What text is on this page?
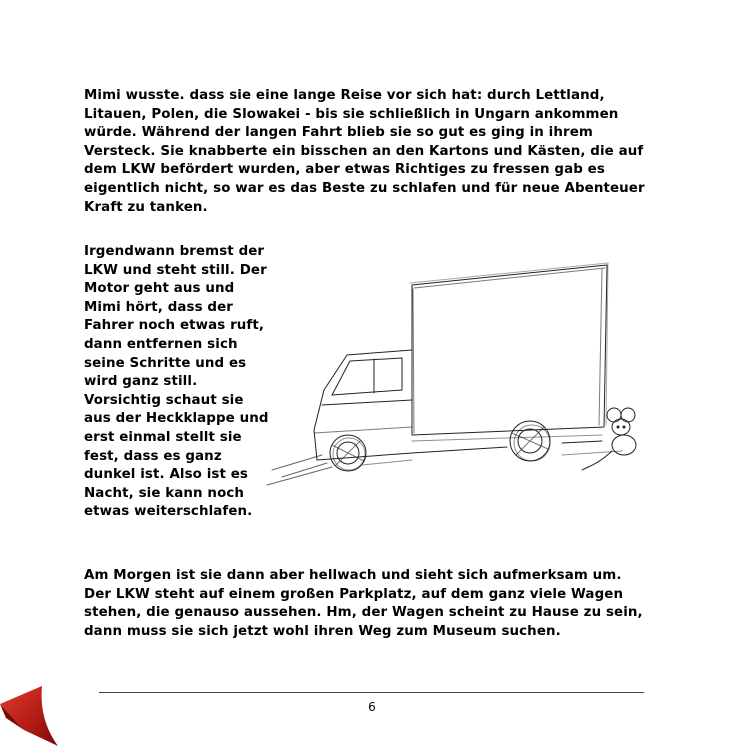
Mimi wusste. dass sie eine lange Reise vor sich hat: durch Lettland, Litauen, Polen, die Slowakei - bis sie schließlich in Ungarn ankommen würde. Während der langen Fahrt blieb sie so gut es ging in ihrem Versteck. Sie knabberte ein bisschen an den Kartons und Kästen, die auf dem LKW befördert wurden, aber etwas Richtiges zu fressen gab es eigentlich nicht, so war es das Beste zu schlafen und für neue Abenteuer Kraft zu tanken.
Irgendwann bremst der LKW und steht still. Der Motor geht aus und Mimi hört, dass der Fahrer noch etwas ruft, dann entfernen sich seine Schritte und es wird ganz still. Vorsichtig schaut sie aus der Heckklappe und erst einmal stellt sie fest, dass es ganz dunkel ist. Also ist es Nacht, sie kann noch etwas weiterschlafen.
Am Morgen ist sie dann aber hellwach und sieht sich aufmerksam um. Der LKW steht auf einem großen Parkplatz, auf dem ganz viele Wagen stehen, die genauso aussehen. Hm, der Wagen scheint zu Hause zu sein, dann muss sie sich jetzt wohl ihren Weg zum Museum suchen.
6
